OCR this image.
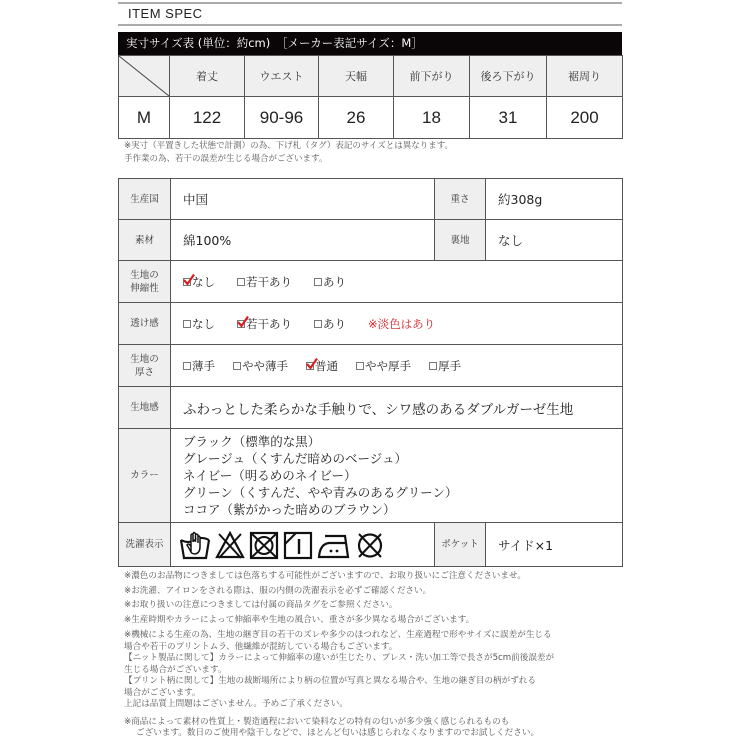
ITEM SPEC
実寸サイズ表 (単位：約cm)　［メーカー表記サイズ：M］
	着丈	ウエスト	天幅	前下がり	後ろ下がり	裾周り
M	122	90-96	26	18	31	200
※実寸（平置きした状態で計測）の為、下げ札（タグ）表記のサイズとは異なります。
手作業の為、若干の誤差が生じる場合がございます。
生産国	中国	重さ	約308g
素材	綿100%	裏地	なし

生地の
伸縮性	なし	若干あり	あり

透け感	なし 若干あり あり ※淡色はあり		

生地の
厚さ	薄手 やや薄手 普通 やや厚手 厚手

生地感	ふわっとした柔らかな手触りで、シワ感のあるダブルガーゼ生地		
カラー	ブラック（標準的な黒）
グレージュ（くすんだ暗めのベージュ）
ネイビー（明るめのネイビー）
グリーン（くすんだ、やや青みのあるグリーン）
ココア（紫がかった暗めのブラウン）		

洗濯表示		ポケット	サイド×1
※濃色のお品物につきましては色落ちする可能性がございますので、お取り扱いにご注意くださいませ。
※お洗濯、アイロンをされる際は、服の内側の洗濯表示を必ずご確認ください。
※お取り扱いの注意につきましては付属の商品タグをご参照ください。
※生産時期やカラーによって伸縮率や生地の風合い、重さが多少異なる場合がございます。
※機械による生産の為、生地の継ぎ目の若干のズレや多少のほつれなど、生産過程で形やサイズに誤差が生じる
場合や若干のプリントムラ、他繊維が混紡している場合もございます。
【ニット製品に関して】カラーによって伸縮率の違いが生じたり、プレス・洗い加工等で長さが5cm前後誤差が
生じる場合がございます。
【プリント柄に関して】生地の裁断場所により柄の位置が写真と異なる場合や、生地の継ぎ目の柄がずれる
場合がございます。
上記は品質上問題はございません。予めご了承ください。
※商品によって素材の性質上・製造過程において染料などの特有の匂いが多少強く感じられるものも
ございます。数日のご使用や陰干しなどで、ほとんど匂いは感じられなくなりますのでお試しください。
